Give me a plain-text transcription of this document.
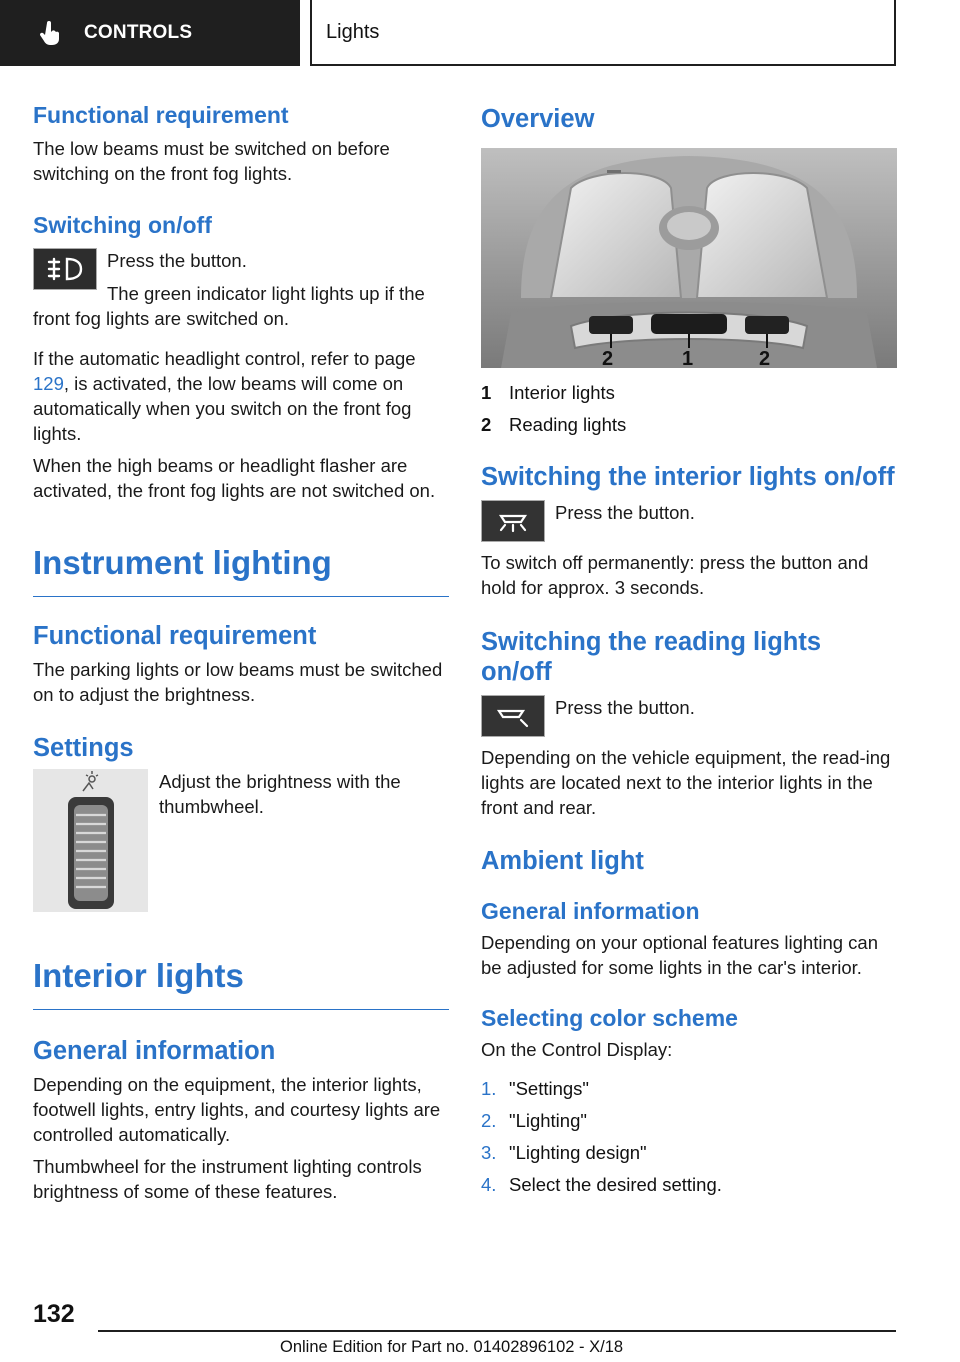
CONTROLS	Lights
Functional requirement
The low beams must be switched on before switching on the front fog lights.
Switching on/off
Press the button.
The green indicator light lights up if the
front fog lights are switched on.
If the automatic headlight control, refer to page 129, is activated, the low beams will come on automatically when you switch on the front fog lights.
When the high beams or headlight flasher are activated, the front fog lights are not switched on.
Instrument lighting
Functional requirement
The parking lights or low beams must be switched on to adjust the brightness.
Settings
Adjust the brightness with the thumbwheel.
Interior lights
General information
Depending on the equipment, the interior lights, footwell lights, entry lights, and courtesy lights are controlled automatically.
Thumbwheel for the instrument lighting controls brightness of some of these features.
Overview
2	1	2
1 Interior lights
2 Reading lights
Switching the interior lights on/off
Press the button.
To switch off permanently: press the button and hold for approx. 3 seconds.
Switching the reading lights on/off
Press the button.
Depending on the vehicle equipment, the read‐ing lights are located next to the interior lights in the front and rear.
Ambient light
General information
Depending on your optional features lighting can be adjusted for some lights in the car's interior.
Selecting color scheme
On the Control Display:
1. "Settings"
2. "Lighting"
3. "Lighting design"
4. Select the desired setting.
132
Online Edition for Part no. 01402896102 - X/18
